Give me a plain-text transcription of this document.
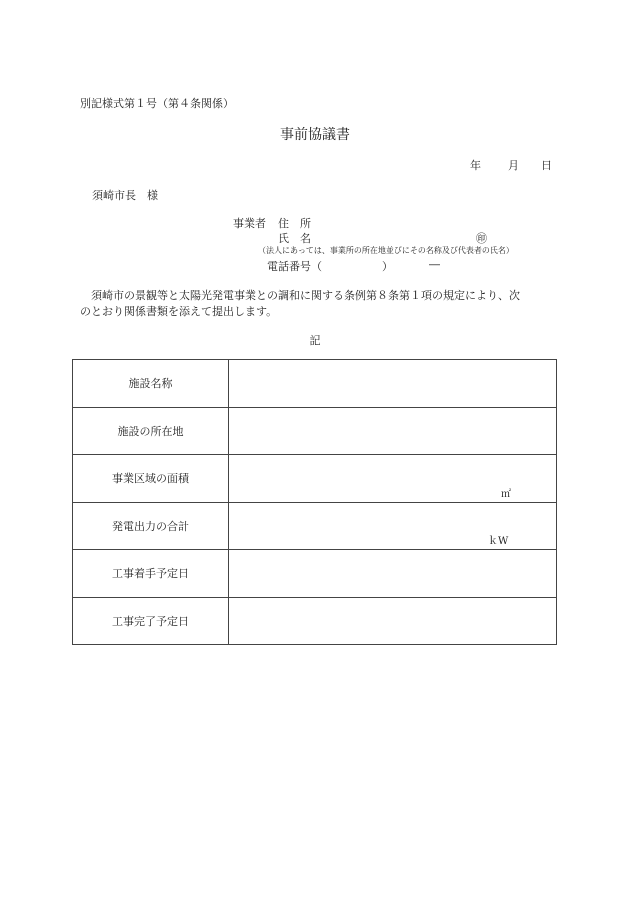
別記様式第１号（第４条関係）
事前協議書
年 月 日
須崎市長　様
事業者 住　所
氏　名	㊞
（法人にあっては、事業所の所在地並びにその名称及び代表者の氏名）
電話番号（	）	―
須崎市の景観等と太陽光発電事業との調和に関する条例第８条第１項の規定により、次
のとおり関係書類を添えて提出します。
記
施設名称	
施設の所在地	
事業区域の面積	㎡

発電出力の合計	ｋW

工事着手予定日	
工事完了予定日	
